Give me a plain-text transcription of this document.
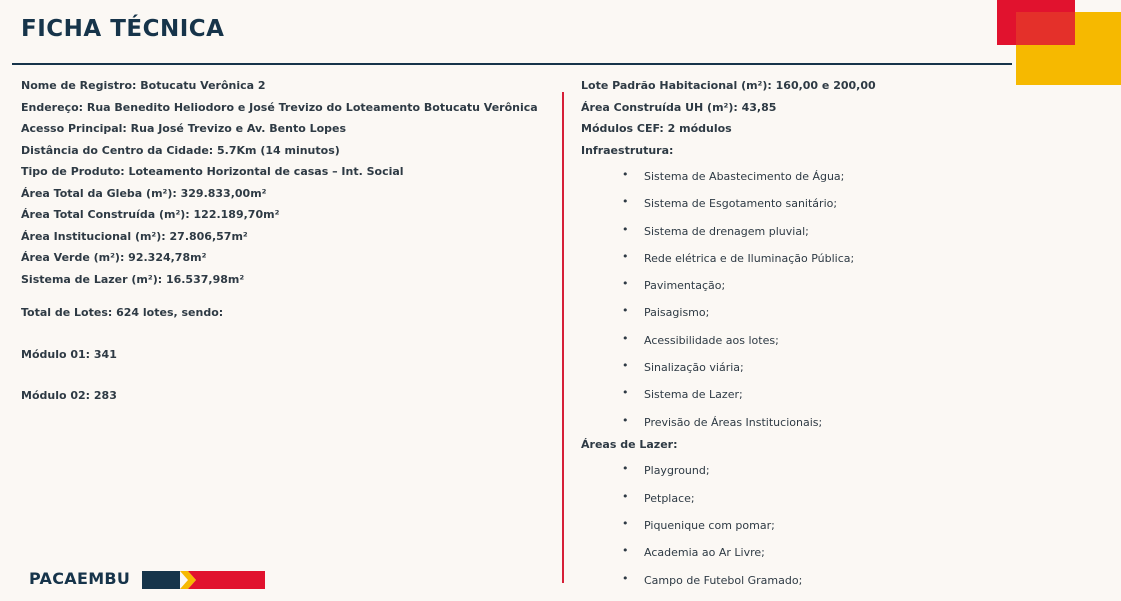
FICHA TÉCNICA
Nome de Registro: Botucatu Verônica 2
Endereço: Rua Benedito Heliodoro e José Trevizo do Loteamento Botucatu Verônica
Acesso Principal: Rua José Trevizo e Av. Bento Lopes
Distância do Centro da Cidade: 5.7Km (14 minutos)
Tipo de Produto: Loteamento Horizontal de casas – Int. Social
Área Total da Gleba (m²): 329.833,00m²
Área Total Construída (m²): 122.189,70m²
Área Institucional (m²): 27.806,57m²
Área Verde (m²): 92.324,78m²
Sistema de Lazer (m²): 16.537,98m²
Total de Lotes: 624 lotes, sendo:
Módulo 01: 341
Módulo 02: 283
Lote Padrão Habitacional (m²): 160,00 e 200,00
Área Construída UH (m²): 43,85
Módulos CEF: 2 módulos
Infraestrutura:
• Sistema de Abastecimento de Água;
• Sistema de Esgotamento sanitário;
• Sistema de drenagem pluvial;
• Rede elétrica e de Iluminação Pública;
• Pavimentação;
• Paisagismo;
• Acessibilidade aos lotes;
• Sinalização viária;
• Sistema de Lazer;
• Previsão de Áreas Institucionais;
Áreas de Lazer:
• Playground;
• Petplace;
• Piquenique com pomar;
• Academia ao Ar Livre;
• Campo de Futebol Gramado;
PACAEMBU
